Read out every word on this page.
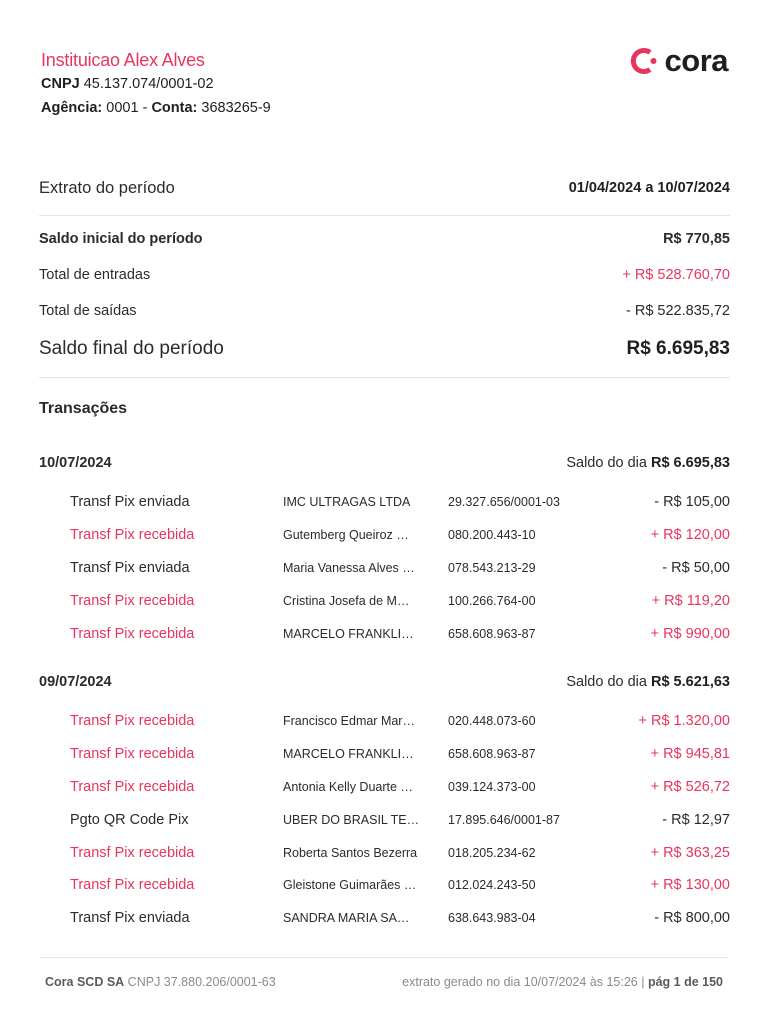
Instituicao Alex Alves
CNPJ 45.137.074/0001-02
Agência: 0001 - Conta: 3683265-9
cora
Extrato do período	01/04/2024 a 10/07/2024
Saldo inicial do período	R$ 770,85
Total de entradas	+ R$ 528.760,70
Total de saídas	- R$ 522.835,72
Saldo final do período	R$ 6.695,83
Transações
10/07/2024	Saldo do dia R$ 6.695,83
Transf Pix enviada	IMC ULTRAGAS LTDA	29.327.656/0001-03	- R$ 105,00
Transf Pix recebida	Gutemberg Queiroz …	080.200.443-10	+ R$ 120,00
Transf Pix enviada	Maria Vanessa Alves …	078.543.213-29	- R$ 50,00
Transf Pix recebida	Cristina Josefa de M…	100.266.764-00	+ R$ 119,20
Transf Pix recebida	MARCELO FRANKLI…	658.608.963-87	+ R$ 990,00
09/07/2024	Saldo do dia R$ 5.621,63
Transf Pix recebida	Francisco Edmar Mar…	020.448.073-60	+ R$ 1.320,00
Transf Pix recebida	MARCELO FRANKLI…	658.608.963-87	+ R$ 945,81
Transf Pix recebida	Antonia Kelly Duarte …	039.124.373-00	+ R$ 526,72
Pgto QR Code Pix	UBER DO BRASIL TE…	17.895.646/0001-87	- R$ 12,97
Transf Pix recebida	Roberta Santos Bezerra	018.205.234-62	+ R$ 363,25
Transf Pix recebida	Gleistone Guimarães …	012.024.243-50	+ R$ 130,00
Transf Pix enviada	SANDRA MARIA SA…	638.643.983-04	- R$ 800,00
Cora SCD SA CNPJ 37.880.206/0001-63	extrato gerado no dia 10/07/2024 às 15:26 | pág 1 de 150
